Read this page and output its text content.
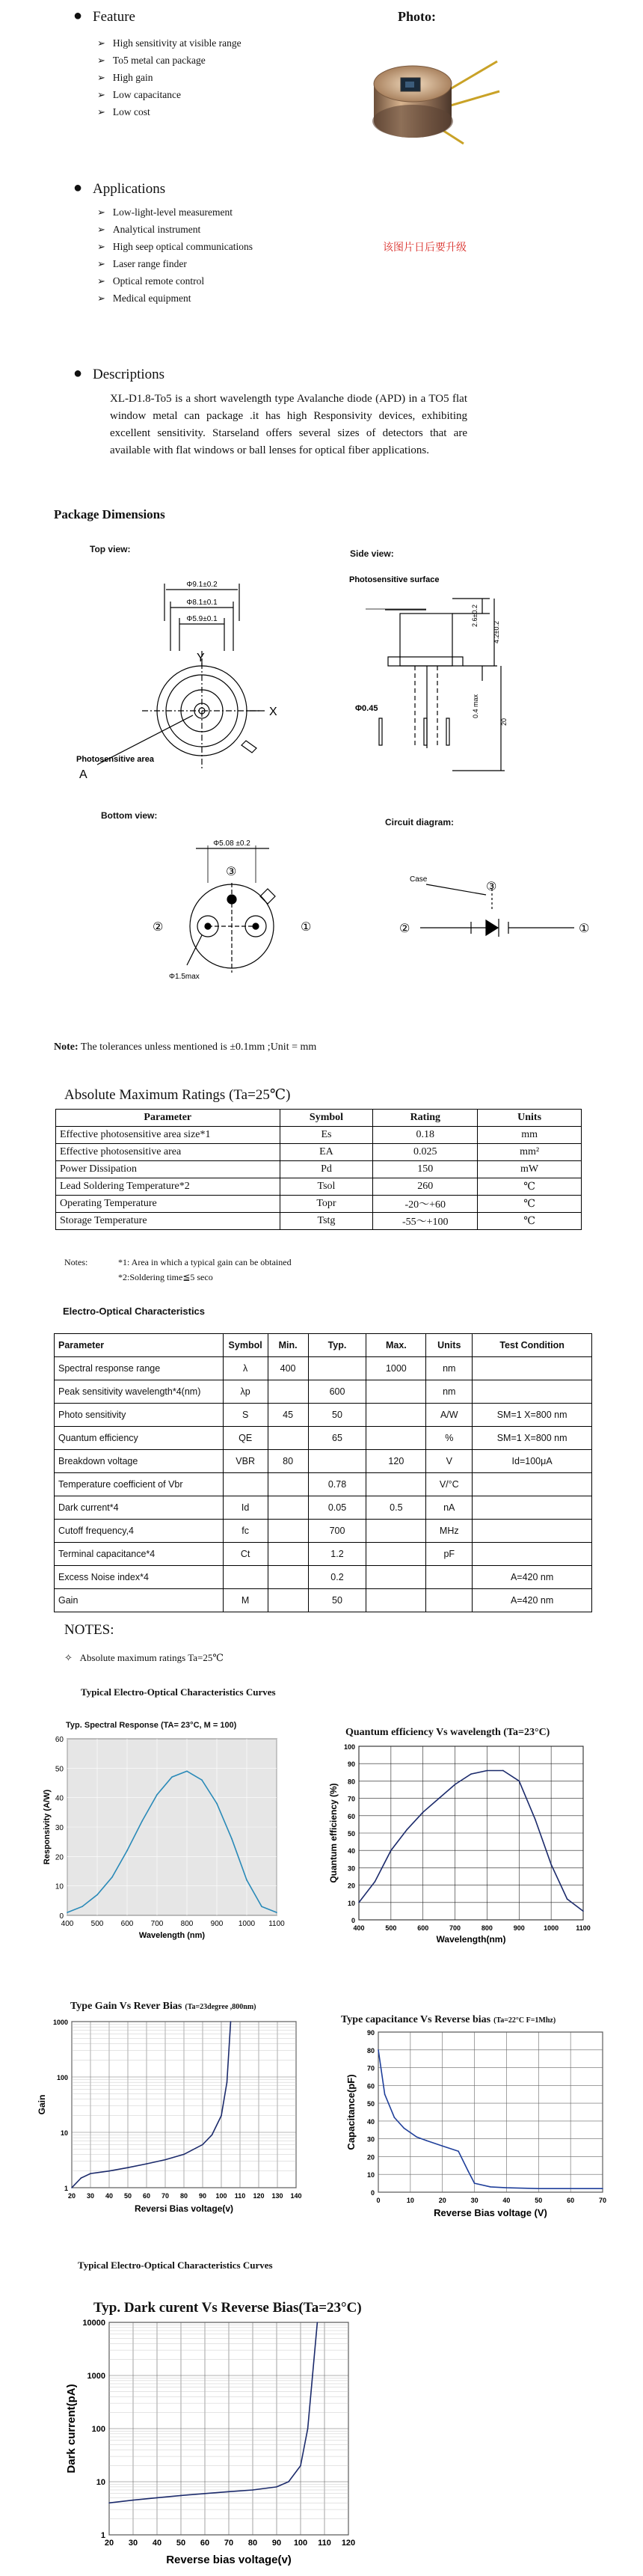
● Feature
➢ High sensitivity at visible range
➢ To5 metal can package
➢ High gain
➢ Low capacitance
➢ Low cost
Photo:
该图片日后要升级
● Applications
➢ Low-light-level measurement
➢ Analytical instrument
➢ High seep optical communications
➢ Laser range finder
➢ Optical remote control
➢ Medical equipment
● Descriptions
XL-D1.8-To5 is a short wavelength type Avalanche diode (APD) in a TO5 flat window metal can package .it has high Responsivity devices, exhibiting excellent sensitivity. Starseland offers several sizes of detectors that are available with flat windows or ball lenses for optical fiber applications.
Package Dimensions
Top view:	Side view:
Φ9.1±0.2
Φ8.1±0.1
Φ5.9±0.1
Y
X
Photosensitive area
A
Photosensitive surface
2.6±0.2
4.2±0.2
0.4 max
20
Φ0.45
Bottom view:
Circuit diagram:
Φ5.08 ±0.2
③
②	①
Φ1.5max
Case
③
②	①
Note: The tolerances unless mentioned is ±0.1mm ;Unit = mm
Absolute Maximum Ratings (Ta=25℃)
Parameter	Symbol	Rating	Units
Effective photosensitive area size*1	Es	0.18	mm
Effective photosensitive area	EA	0.025	mm²
Power Dissipation	Pd	150	mW
Lead Soldering Temperature*2	Tsol	260	℃
Operating Temperature	Topr	-20～+60	℃
Storage Temperature	Tstg	-55～+100	℃
Notes:	*1: Area in which a typical gain can be obtained
*2:Soldering time≦5 seco
Electro-Optical Characteristics
Parameter	Symbol	Min.	Typ.	Max.	Units	Test Condition
Spectral response range	λ	400		1000	nm	
Peak sensitivity wavelength*4(nm)	λp		600		nm	
Photo sensitivity	S	45	50		A/W	SM=1 X=800 nm
Quantum efficiency	QE		65		%	SM=1 X=800 nm
Breakdown voltage	VBR	80		120	V	Id=100μA
Temperature coefficient of Vbr			0.78		V/°C	
Dark current*4	Id		0.05	0.5	nA	
Cutoff frequency,4	fc		700		MHz	
Terminal capacitance*4	Ct		1.2		pF	
Excess Noise index*4			0.2			A=420 nm
Gain	M		50			A=420 nm
NOTES:
✧ Absolute maximum ratings Ta=25℃
Typical Electro-Optical Characteristics Curves
Typ. Spectral Response (TA= 23°C, M = 100)
400 500 600 700 800 900 1000 1100
0
10
20
30
40
50
60
Wavelength (nm)
Responsivity (A/W)
Quantum efficiency Vs wavelength (Ta=23°C)
400	500	600	700	800	900	1000	1100
0
10
20
30
40
50
60
70
80
90
100
Wavelength(nm)
Quantum efficiency (%)
Type Gain Vs Rever Bias (Ta=23degree ,800nm)
20 30 40 50 60 70 80 90 100 110 120 130 140
1
10
100
1000
Reversi Bias voltage(v)
Gain
Type capacitance Vs Reverse bias (Ta=22°C F=1Mhz)
0	10	20	30	40	50	60	70
0
10
20
30
40
50
60
70
80
90
Reverse Bias voltage (V)
Capacitance(pF)
Typical Electro-Optical Characteristics Curves
Typ. Dark curent Vs Reverse Bias(Ta=23°C)
20 30 40 50 60 70 80 90 100 110 120
1
10
100
1000
10000
Reverse bias voltage(v)
Dark current(pA)
